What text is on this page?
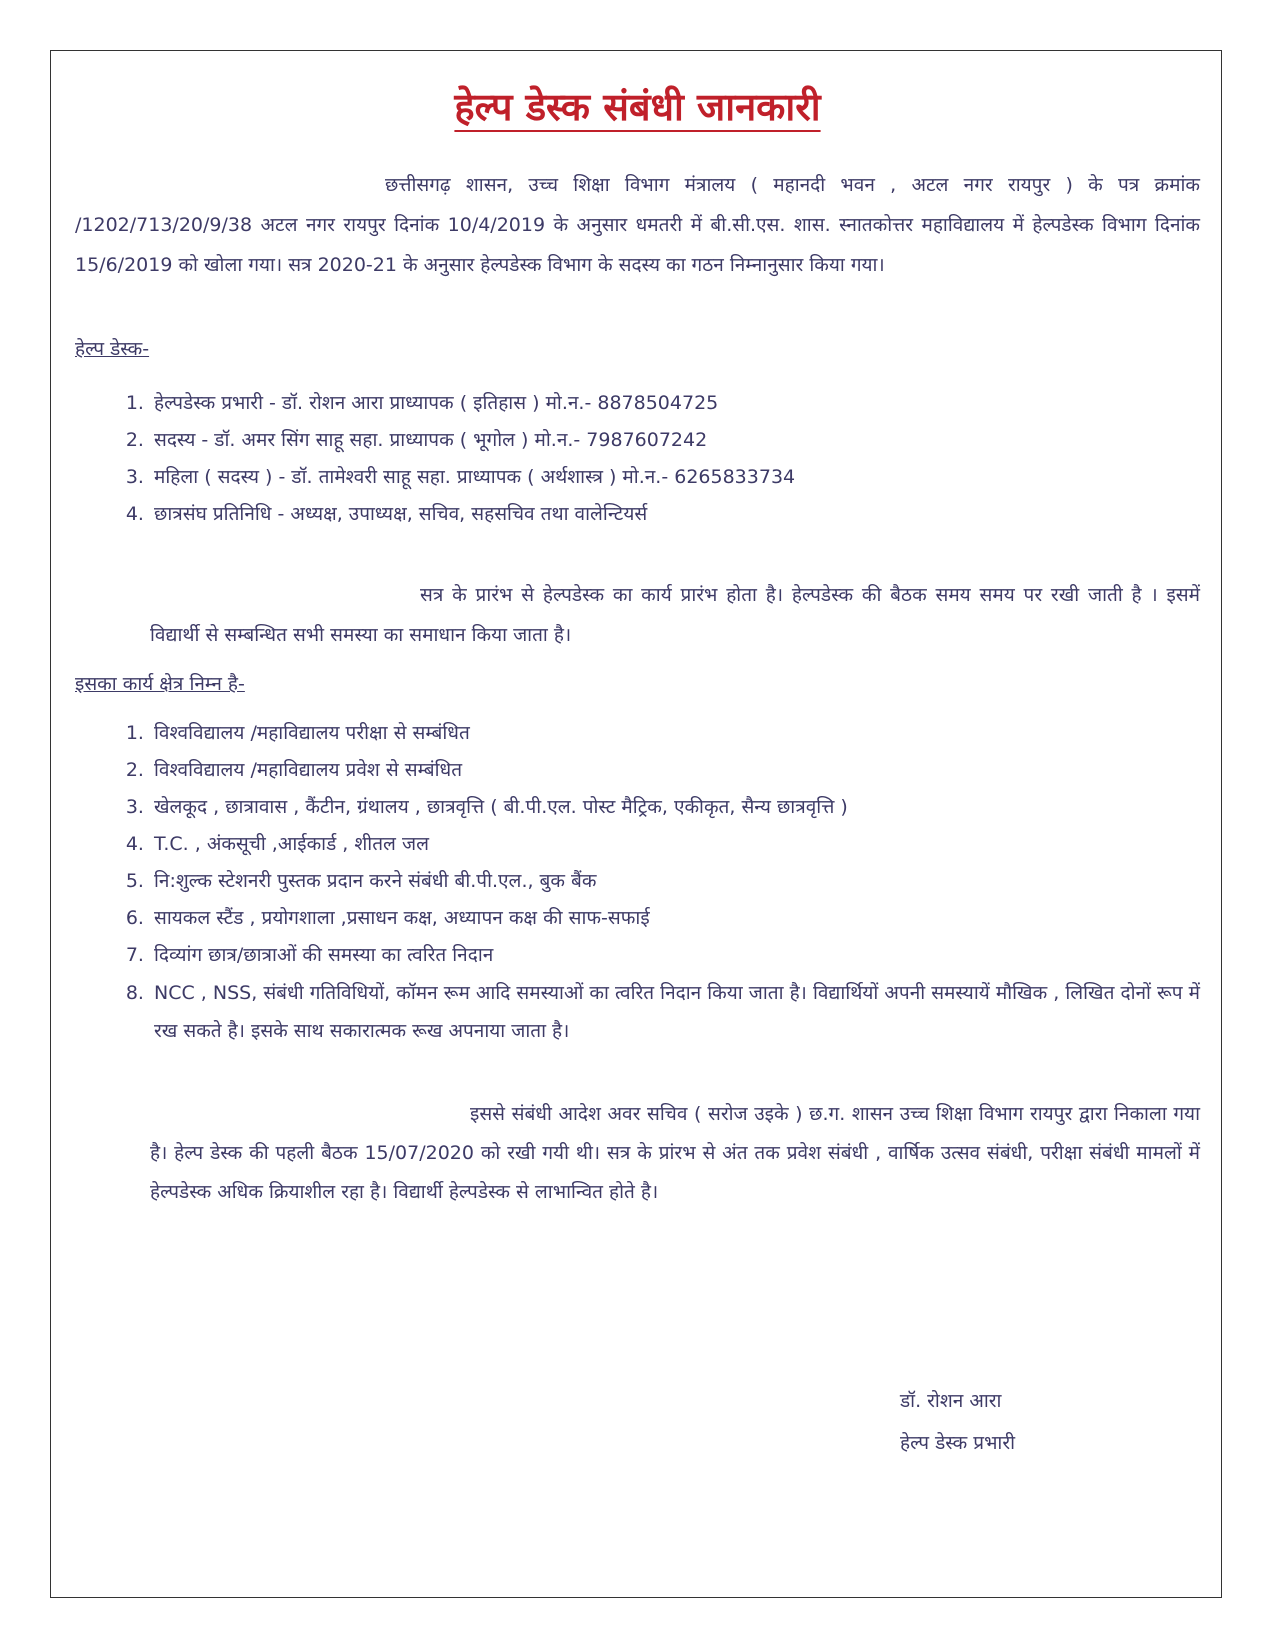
हेल्प डेस्क संबंधी जानकारी

छत्तीसगढ़ शासन, उच्च शिक्षा विभाग मंत्रालय ( महानदी भवन , अटल नगर रायपुर ) के पत्र क्रमांक /1202/713/20/9/38 अटल नगर रायपुर दिनांक 10/4/2019 के अनुसार धमतरी में बी.सी.एस. शास. स्नातकोत्तर महाविद्यालय में हेल्पडेस्क विभाग दिनांक 15/6/2019 को खोला गया। सत्र 2020-21 के अनुसार हेल्पडेस्क विभाग के सदस्य का गठन निम्नानुसार किया गया।

हेल्प डेस्क-

1. हेल्पडेस्क प्रभारी - डॉ. रोशन आरा प्राध्यापक ( इतिहास ) मो.न.- 8878504725
2. सदस्य - डॉ. अमर सिंग साहू सहा. प्राध्यापक ( भूगोल ) मो.न.- 7987607242
3. महिला ( सदस्य ) - डॉ. तामेश्वरी साहू सहा. प्राध्यापक ( अर्थशास्त्र ) मो.न.- 6265833734
4. छात्रसंघ प्रतिनिधि - अध्यक्ष, उपाध्यक्ष, सचिव, सहसचिव तथा वालेन्टियर्स

सत्र के प्रारंभ से हेल्पडेस्क का कार्य प्रारंभ होता है। हेल्पडेस्क की बैठक समय समय पर रखी जाती है । इसमें विद्यार्थी से सम्बन्धित सभी समस्या का समाधान किया जाता है।

इसका कार्य क्षेत्र निम्न है-

1. विश्वविद्यालय /महाविद्यालय परीक्षा से सम्बंधित
2. विश्वविद्यालय /महाविद्यालय प्रवेश से सम्बंधित
3. खेलकूद , छात्रावास , कैंटीन, ग्रंथालय , छात्रवृत्ति ( बी.पी.एल. पोस्ट मैट्रिक, एकीकृत, सैन्य छात्रवृत्ति )
4. T.C. , अंकसूची ,आईकार्ड , शीतल जल
5. नि:शुल्क स्टेशनरी पुस्तक प्रदान करने संबंधी बी.पी.एल., बुक बैंक
6. सायकल स्टैंड , प्रयोगशाला ,प्रसाधन कक्ष, अध्यापन कक्ष की साफ-सफाई
7. दिव्यांग छात्र/छात्राओं की समस्या का त्वरित निदान
8. NCC , NSS, संबंधी गतिविधियों, कॉमन रूम आदि समस्याओं का त्वरित निदान किया जाता है। विद्यार्थियों अपनी समस्यायें मौखिक , लिखित दोनों रूप में रख सकते है। इसके साथ सकारात्मक रूख अपनाया जाता है।

इससे संबंधी आदेश अवर सचिव ( सरोज उइके ) छ.ग. शासन उच्च शिक्षा विभाग रायपुर द्वारा निकाला गया है। हेल्प डेस्क की पहली बैठक 15/07/2020 को रखी गयी थी। सत्र के प्रांरभ से अंत तक प्रवेश संबंधी , वार्षिक उत्सव संबंधी, परीक्षा संबंधी मामलों में हेल्पडेस्क अधिक क्रियाशील रहा है। विद्यार्थी हेल्पडेस्क से लाभान्वित होते है।

डॉ. रोशन आरा
हेल्प डेस्क प्रभारी
